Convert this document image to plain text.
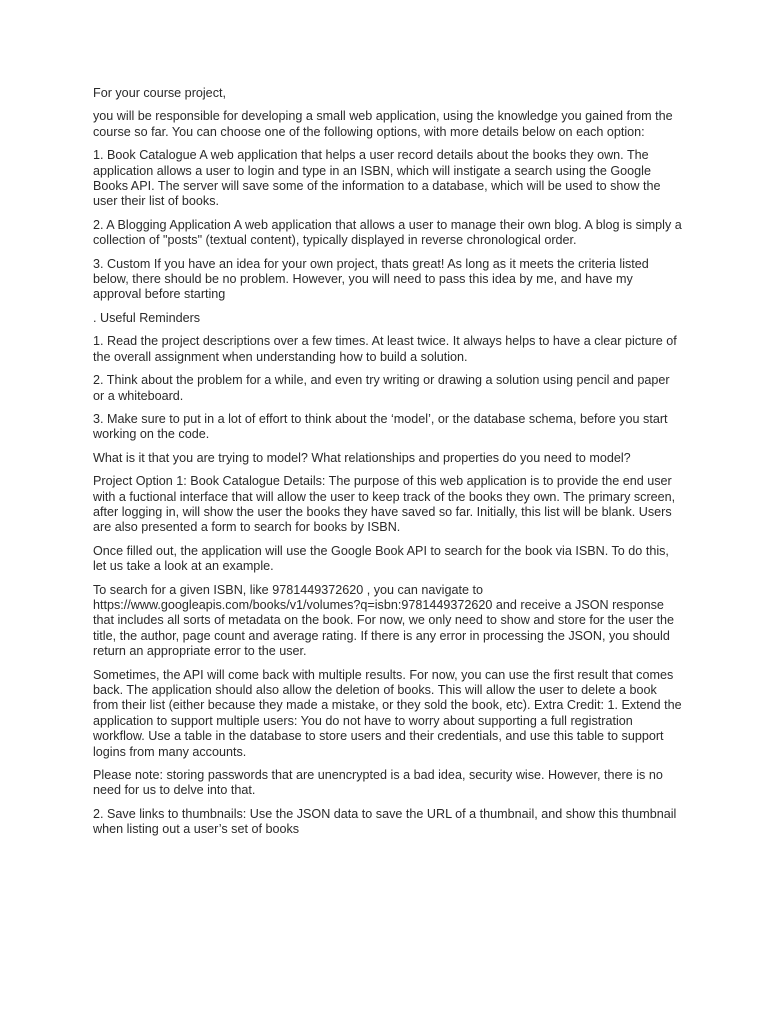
For your course project,

you will be responsible for developing a small web application, using the knowledge you gained from the course so far. You can choose one of the following options, with more details below on each option:

1. Book Catalogue A web application that helps a user record details about the books they own. The application allows a user to login and type in an ISBN, which will instigate a search using the Google Books API. The server will save some of the information to a database, which will be used to show the user their list of books.

2. A Blogging Application A web application that allows a user to manage their own blog. A blog is simply a collection of "posts" (textual content), typically displayed in reverse chronological order.

3. Custom If you have an idea for your own project, thats great! As long as it meets the criteria listed below, there should be no problem. However, you will need to pass this idea by me, and have my approval before starting

. Useful Reminders

1. Read the project descriptions over a few times. At least twice. It always helps to have a clear picture of the overall assignment when understanding how to build a solution.

2. Think about the problem for a while, and even try writing or drawing a solution using pencil and paper or a whiteboard.

3. Make sure to put in a lot of effort to think about the ‘model’, or the database schema, before you start working on the code.

What is it that you are trying to model? What relationships and properties do you need to model?

Project Option 1: Book Catalogue Details: The purpose of this web application is to provide the end user with a fuctional interface that will allow the user to keep track of the books they own. The primary screen, after logging in, will show the user the books they have saved so far. Initially, this list will be blank. Users are also presented a form to search for books by ISBN.

Once filled out, the application will use the Google Book API to search for the book via ISBN. To do this, let us take a look at an example.

To search for a given ISBN, like 9781449372620 , you can navigate to https://www.googleapis.com/books/v1/volumes?q=isbn:9781449372620 and receive a JSON response that includes all sorts of metadata on the book. For now, we only need to show and store for the user the title, the author, page count and average rating. If there is any error in processing the JSON, you should return an appropriate error to the user.

Sometimes, the API will come back with multiple results. For now, you can use the first result that comes back. The application should also allow the deletion of books. This will allow the user to delete a book from their list (either because they made a mistake, or they sold the book, etc). Extra Credit: 1. Extend the application to support multiple users: You do not have to worry about supporting a full registration workflow. Use a table in the database to store users and their credentials, and use this table to support logins from many accounts.

Please note: storing passwords that are unencrypted is a bad idea, security wise. However, there is no need for us to delve into that.

2. Save links to thumbnails: Use the JSON data to save the URL of a thumbnail, and show this thumbnail when listing out a user’s set of books
